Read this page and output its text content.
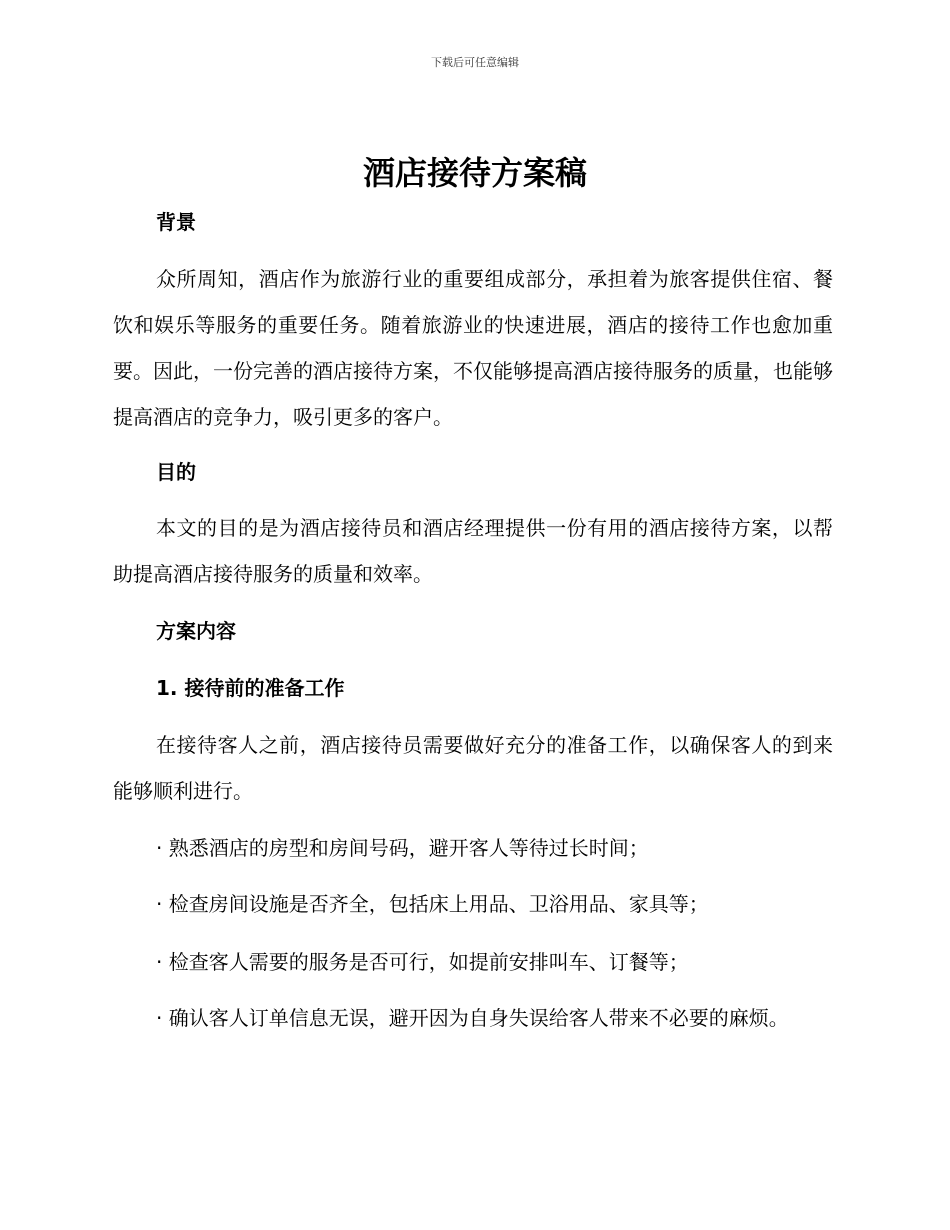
下载后可任意编辑
酒店接待方案稿
背景

众所周知，酒店作为旅游行业的重要组成部分，承担着为旅客提供住宿、餐饮和娱乐等服务的重要任务。随着旅游业的快速进展，酒店的接待工作也愈加重要。因此，一份完善的酒店接待方案，不仅能够提高酒店接待服务的质量，也能够提高酒店的竞争力，吸引更多的客户。

目的

本文的目的是为酒店接待员和酒店经理提供一份有用的酒店接待方案，以帮助提高酒店接待服务的质量和效率。

方案内容
1. 接待前的准备工作

在接待客人之前，酒店接待员需要做好充分的准备工作，以确保客人的到来能够顺利进行。

· 熟悉酒店的房型和房间号码，避开客人等待过长时间；

· 检查房间设施是否齐全，包括床上用品、卫浴用品、家具等；

· 检查客人需要的服务是否可行，如提前安排叫车、订餐等；

· 确认客人订单信息无误，避开因为自身失误给客人带来不必要的麻烦。
